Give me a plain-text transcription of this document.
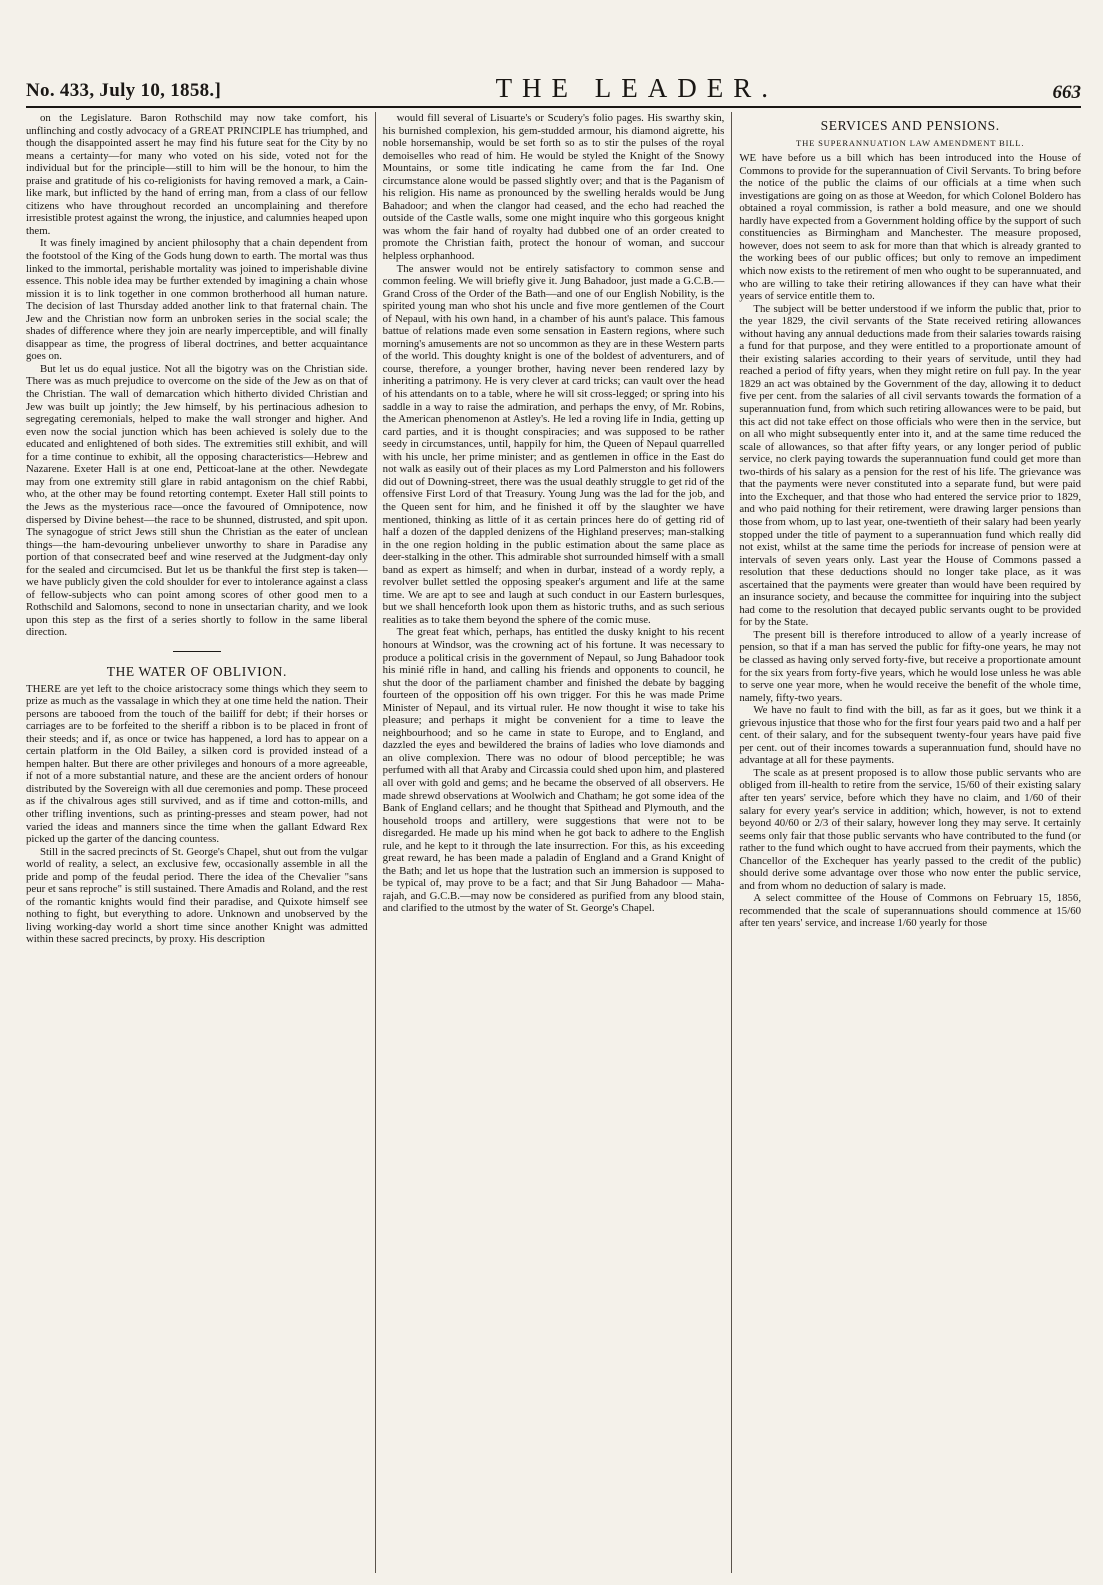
No. 433, July 10, 1858.]	THE LEADER.	663

on the Legislature. Baron Rothschild may now take comfort, his unflinching and costly advocacy of a GREAT PRINCIPLE has triumphed, and though the disappointed assert he may find his future seat for the City by no means a certainty—for many who voted on his side, voted not for the individual but for the principle—still to him will be the honour, to him the praise and gratitude of his co-religionists for having removed a mark, a Cain-like mark, but inflicted by the hand of erring man, from a class of our fellow citizens who have throughout recorded an uncomplaining and therefore irresistible protest against the wrong, the injustice, and calumnies heaped upon them.

It was finely imagined by ancient philosophy that a chain dependent from the footstool of the King of the Gods hung down to earth. The mortal was thus linked to the immortal, perishable mortality was joined to imperishable divine essence. This noble idea may be further extended by imagining a chain whose mission it is to link together in one common brotherhood all human nature. The decision of last Thursday added another link to that fraternal chain. The Jew and the Christian now form an unbroken series in the social scale; the shades of difference where they join are nearly imperceptible, and will finally disappear as time, the progress of liberal doctrines, and better acquaintance goes on.

But let us do equal justice. Not all the bigotry was on the Christian side. There was as much prejudice to overcome on the side of the Jew as on that of the Christian. The wall of demarcation which hitherto divided Christian and Jew was built up jointly; the Jew himself, by his pertinacious adhesion to segregating ceremonials, helped to make the wall stronger and higher. And even now the social junction which has been achieved is solely due to the educated and enlightened of both sides. The extremities still exhibit, and will for a time continue to exhibit, all the opposing characteristics—Hebrew and Nazarene. Exeter Hall is at one end, Petticoat-lane at the other. Newdegate may from one extremity still glare in rabid antagonism on the chief Rabbi, who, at the other may be found retorting contempt. Exeter Hall still points to the Jews as the mysterious race—once the favoured of Omnipotence, now dispersed by Divine behest—the race to be shunned, distrusted, and spit upon. The synagogue of strict Jews still shun the Christian as the eater of unclean things—the ham-devouring unbeliever unworthy to share in Paradise any portion of that consecrated beef and wine reserved at the Judgment-day only for the sealed and circumcised. But let us be thankful the first step is taken—we have publicly given the cold shoulder for ever to intolerance against a class of fellow-subjects who can point among scores of other good men to a Rothschild and Salomons, second to none in unsectarian charity, and we look upon this step as the first of a series shortly to follow in the same liberal direction.

THE WATER OF OBLIVION.

THERE are yet left to the choice aristocracy some things which they seem to prize as much as the vassalage in which they at one time held the nation. Their persons are tabooed from the touch of the bailiff for debt; if their horses or carriages are to be forfeited to the sheriff a ribbon is to be placed in front of their steeds; and if, as once or twice has happened, a lord has to appear on a certain platform in the Old Bailey, a silken cord is provided instead of a hempen halter. But there are other privileges and honours of a more agreeable, if not of a more substantial nature, and these are the ancient orders of honour distributed by the Sovereign with all due ceremonies and pomp. These proceed as if the chivalrous ages still survived, and as if time and cotton-mills, and other trifling inventions, such as printing-presses and steam power, had not varied the ideas and manners since the time when the gallant Edward Rex picked up the garter of the dancing countess.

Still in the sacred precincts of St. George's Chapel, shut out from the vulgar world of reality, a select, an exclusive few, occasionally assemble in all the pride and pomp of the feudal period. There the idea of the Chevalier "sans peur et sans reproche" is still sustained. There Amadis and Roland, and the rest of the romantic knights would find their paradise, and Quixote himself see nothing to fight, but everything to adore. Unknown and unobserved by the living working-day world a short time since another Knight was admitted within these sacred precincts, by proxy. His description

would fill several of Lisuarte's or Scudery's folio pages. His swarthy skin, his burnished complexion, his gem-studded armour, his diamond aigrette, his noble horsemanship, would be set forth so as to stir the pulses of the royal demoiselles who read of him. He would be styled the Knight of the Snowy Mountains, or some title indicating he came from the far Ind. One circumstance alone would be passed slightly over; and that is the Paganism of his religion. His name as pronounced by the swelling heralds would be Jung Bahadoor; and when the clangor had ceased, and the echo had reached the outside of the Castle walls, some one might inquire who this gorgeous knight was whom the fair hand of royalty had dubbed one of an order created to promote the Christian faith, protect the honour of woman, and succour helpless orphanhood.

The answer would not be entirely satisfactory to common sense and common feeling. We will briefly give it. Jung Bahadoor, just made a G.C.B.—Grand Cross of the Order of the Bath—and one of our English Nobility, is the spirited young man who shot his uncle and five more gentlemen of the Court of Nepaul, with his own hand, in a chamber of his aunt's palace. This famous battue of relations made even some sensation in Eastern regions, where such morning's amusements are not so uncommon as they are in these Western parts of the world. This doughty knight is one of the boldest of adventurers, and of course, therefore, a younger brother, having never been rendered lazy by inheriting a patrimony. He is very clever at card tricks; can vault over the head of his attendants on to a table, where he will sit cross-legged; or spring into his saddle in a way to raise the admiration, and perhaps the envy, of Mr. Robins, the American phenomenon at Astley's. He led a roving life in India, getting up card parties, and it is thought conspiracies; and was supposed to be rather seedy in circumstances, until, happily for him, the Queen of Nepaul quarrelled with his uncle, her prime minister; and as gentlemen in office in the East do not walk as easily out of their places as my Lord Palmerston and his followers did out of Downing-street, there was the usual deathly struggle to get rid of the offensive First Lord of that Treasury. Young Jung was the lad for the job, and the Queen sent for him, and he finished it off by the slaughter we have mentioned, thinking as little of it as certain princes here do of getting rid of half a dozen of the dappled denizens of the Highland preserves; man-stalking in the one region holding in the public estimation about the same place as deer-stalking in the other. This admirable shot surrounded himself with a small band as expert as himself; and when in durbar, instead of a wordy reply, a revolver bullet settled the opposing speaker's argument and life at the same time. We are apt to see and laugh at such conduct in our Eastern burlesques, but we shall henceforth look upon them as historic truths, and as such serious realities as to take them beyond the sphere of the comic muse.

The great feat which, perhaps, has entitled the dusky knight to his recent honours at Windsor, was the crowning act of his fortune. It was necessary to produce a political crisis in the government of Nepaul, so Jung Bahadoor took his minié rifle in hand, and calling his friends and opponents to council, he shut the door of the parliament chamber and finished the debate by bagging fourteen of the opposition off his own trigger. For this he was made Prime Minister of Nepaul, and its virtual ruler. He now thought it wise to take his pleasure; and perhaps it might be convenient for a time to leave the neighbourhood; and so he came in state to Europe, and to England, and dazzled the eyes and bewildered the brains of ladies who love diamonds and an olive complexion. There was no odour of blood perceptible; he was perfumed with all that Araby and Circassia could shed upon him, and plastered all over with gold and gems; and he became the observed of all observers. He made shrewd observations at Woolwich and Chatham; he got some idea of the Bank of England cellars; and he thought that Spithead and Plymouth, and the household troops and artillery, were suggestions that were not to be disregarded. He made up his mind when he got back to adhere to the English rule, and he kept to it through the late insurrection. For this, as his exceeding great reward, he has been made a paladin of England and a Grand Knight of the Bath; and let us hope that the lustration such an immersion is supposed to be typical of, may prove to be a fact; and that Sir Jung Bahadoor — Maha-rajah, and G.C.B.—may now be considered as purified from any blood stain, and clarified to the utmost by the water of St. George's Chapel.

SERVICES AND PENSIONS.
THE SUPERANNUATION LAW AMENDMENT BILL.

WE have before us a bill which has been introduced into the House of Commons to provide for the superannuation of Civil Servants. To bring before the notice of the public the claims of our officials at a time when such investigations are going on as those at Weedon, for which Colonel Boldero has obtained a royal commission, is rather a bold measure, and one we should hardly have expected from a Government holding office by the support of such constituencies as Birmingham and Manchester. The measure proposed, however, does not seem to ask for more than that which is already granted to the working bees of our public offices; but only to remove an impediment which now exists to the retirement of men who ought to be superannuated, and who are willing to take their retiring allowances if they can have what their years of service entitle them to.

The subject will be better understood if we inform the public that, prior to the year 1829, the civil servants of the State received retiring allowances without having any annual deductions made from their salaries towards raising a fund for that purpose, and they were entitled to a proportionate amount of their existing salaries according to their years of servitude, until they had reached a period of fifty years, when they might retire on full pay. In the year 1829 an act was obtained by the Government of the day, allowing it to deduct five per cent. from the salaries of all civil servants towards the formation of a superannuation fund, from which such retiring allowances were to be paid, but this act did not take effect on those officials who were then in the service, but on all who might subsequently enter into it, and at the same time reduced the scale of allowances, so that after fifty years, or any longer period of public service, no clerk paying towards the superannuation fund could get more than two-thirds of his salary as a pension for the rest of his life. The grievance was that the payments were never constituted into a separate fund, but were paid into the Exchequer, and that those who had entered the service prior to 1829, and who paid nothing for their retirement, were drawing larger pensions than those from whom, up to last year, one-twentieth of their salary had been yearly stopped under the title of payment to a superannuation fund which really did not exist, whilst at the same time the periods for increase of pension were at intervals of seven years only. Last year the House of Commons passed a resolution that these deductions should no longer take place, as it was ascertained that the payments were greater than would have been required by an insurance society, and because the committee for inquiring into the subject had come to the resolution that decayed public servants ought to be provided for by the State.

The present bill is therefore introduced to allow of a yearly increase of pension, so that if a man has served the public for fifty-one years, he may not be classed as having only served forty-five, but receive a proportionate amount for the six years from forty-five years, which he would lose unless he was able to serve one year more, when he would receive the benefit of the whole time, namely, fifty-two years.

We have no fault to find with the bill, as far as it goes, but we think it a grievous injustice that those who for the first four years paid two and a half per cent. of their salary, and for the subsequent twenty-four years have paid five per cent. out of their incomes towards a superannuation fund, should have no advantage at all for these payments.

The scale as at present proposed is to allow those public servants who are obliged from ill-health to retire from the service, 15/60 of their existing salary after ten years' service, before which they have no claim, and 1/60 of their salary for every year's service in addition; which, however, is not to extend beyond 40/60 or 2/3 of their salary, however long they may serve. It certainly seems only fair that those public servants who have contributed to the fund (or rather to the fund which ought to have accrued from their payments, which the Chancellor of the Exchequer has yearly passed to the credit of the public) should derive some advantage over those who now enter the public service, and from whom no deduction of salary is made.

A select committee of the House of Commons on February 15, 1856, recommended that the scale of superannuations should commence at 15/60 after ten years' service, and increase 1/60 yearly for those
